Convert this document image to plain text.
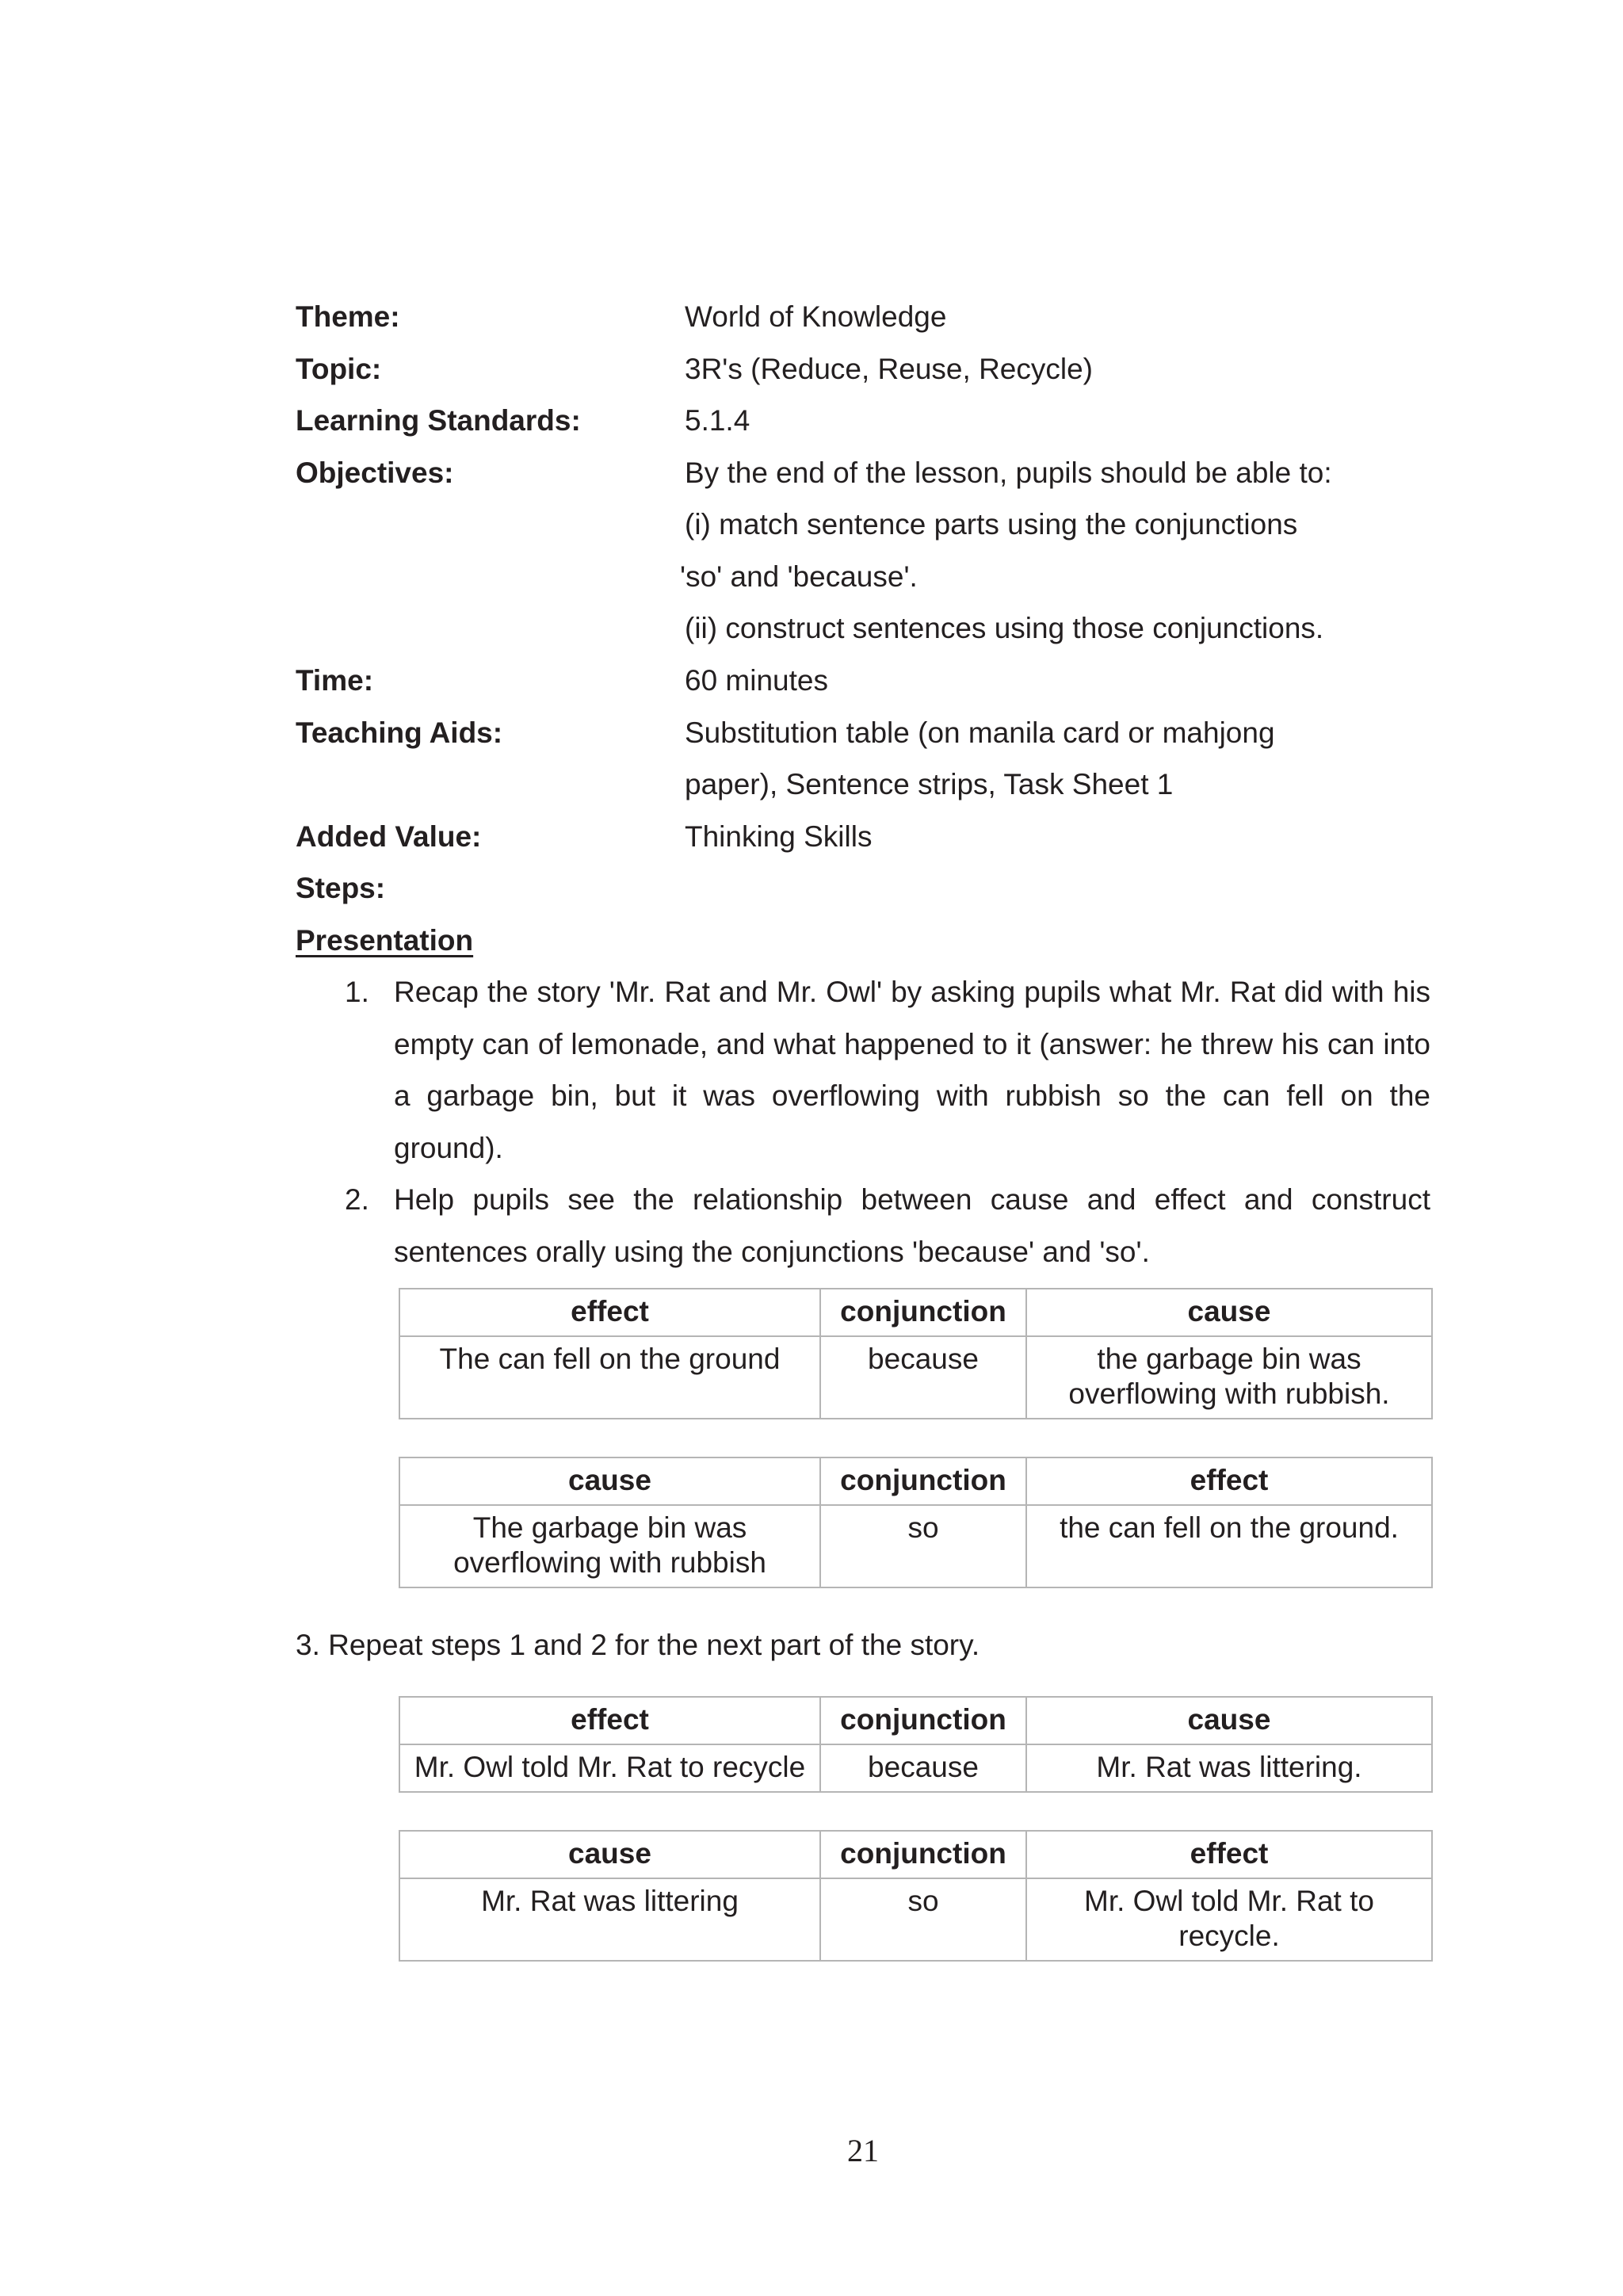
Theme:	World of Knowledge
Topic:	3R's (Reduce, Reuse, Recycle)
Learning Standards:	5.1.4
Objectives:	By the end of the lesson, pupils should be able to:
(i) match sentence parts using the conjunctions
'so' and 'because'.
(ii) construct sentences using those conjunctions.
Time:	60 minutes
Teaching Aids:	Substitution table (on manila card or mahjong
paper), Sentence strips, Task Sheet 1
Added Value:	Thinking Skills
Steps:
Presentation
1. Recap the story 'Mr. Rat and Mr. Owl' by asking pupils what Mr. Rat did with his empty can of lemonade, and what happened to it (answer: he threw his can into a garbage bin, but it was overflowing with rubbish so the can fell on the ground).
2. Help pupils see the relationship between cause and effect and construct sentences orally using the conjunctions 'because' and 'so'.
effect	conjunction	cause
The can fell on the ground	because	the garbage bin was overflowing with rubbish.
cause	conjunction	effect
The garbage bin was overflowing with rubbish	so	the can fell on the ground.
3. Repeat steps 1 and 2 for the next part of the story.
effect	conjunction	cause
Mr. Owl told Mr. Rat to recycle	because	Mr. Rat was littering.
cause	conjunction	effect
Mr. Rat was littering	so	Mr. Owl told Mr. Rat to recycle.
21
